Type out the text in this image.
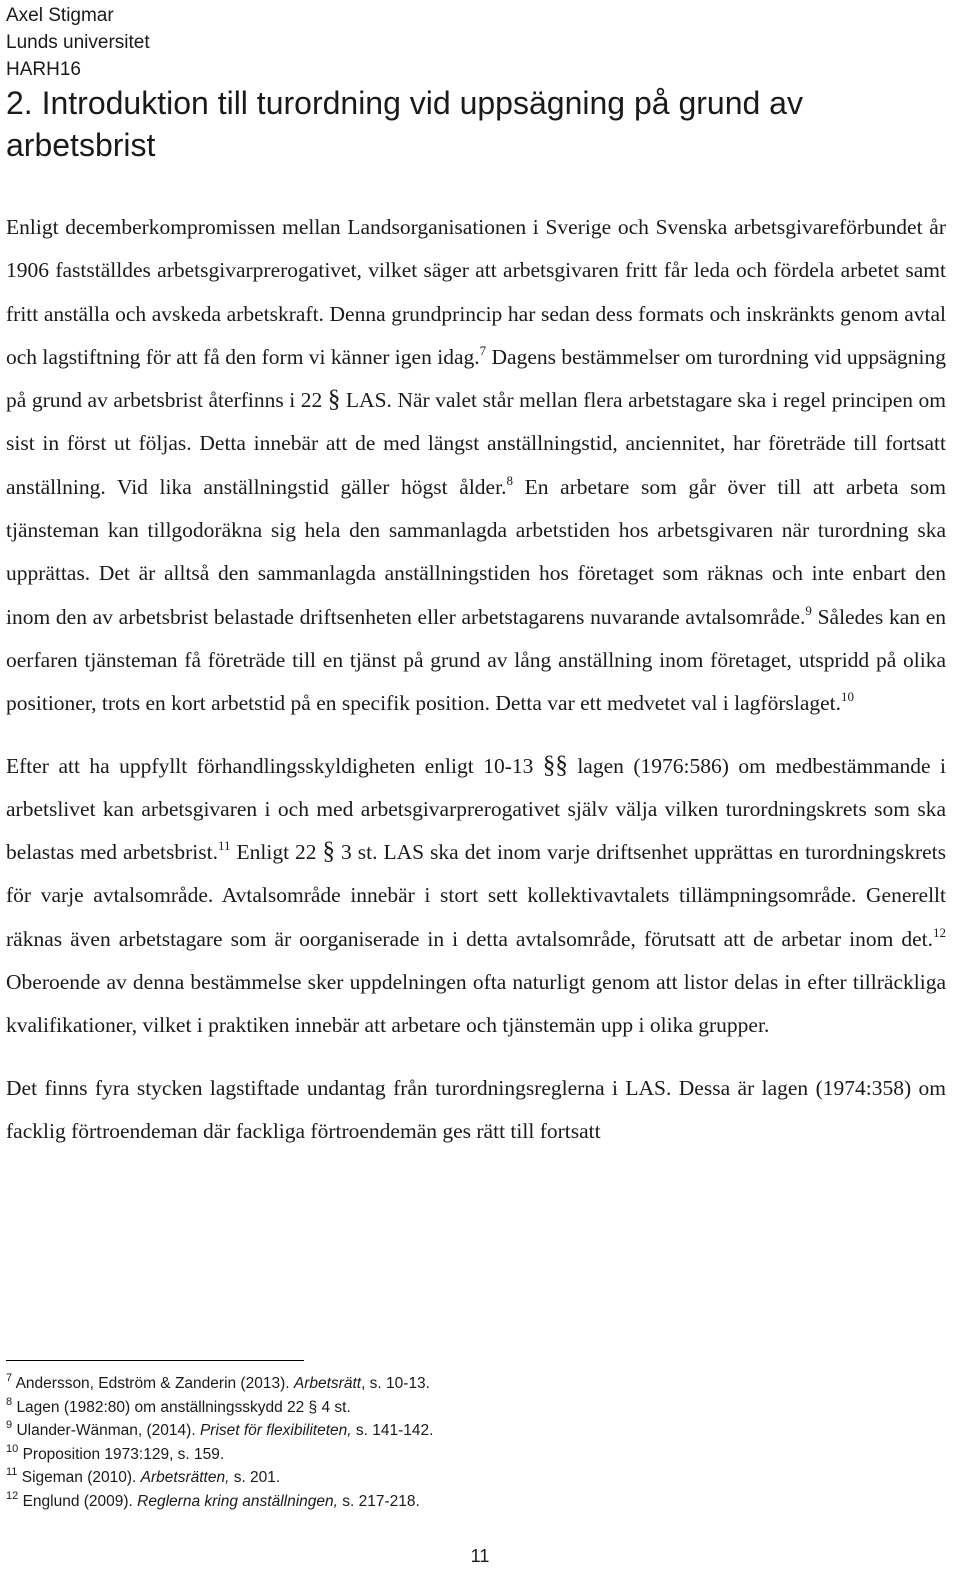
Axel Stigmar
Lunds universitet
HARH16
2. Introduktion till turordning vid uppsägning på grund av arbetsbrist

Enligt decemberkompromissen mellan Landsorganisationen i Sverige och Svenska arbetsgivareförbundet år 1906 fastställdes arbetsgivarprerogativet, vilket säger att arbetsgivaren fritt får leda och fördela arbetet samt fritt anställa och avskeda arbetskraft. Denna grundprincip har sedan dess formats och inskränkts genom avtal och lagstiftning för att få den form vi känner igen idag.$^7$ Dagens bestämmelser om turordning vid uppsägning på grund av arbetsbrist återfinns i 22 § LAS. När valet står mellan flera arbetstagare ska i regel principen om sist in först ut följas. Detta innebär att de med längst anställningstid, anciennitet, har företräde till fortsatt anställning. Vid lika anställningstid gäller högst ålder.$^8$ En arbetare som går över till att arbeta som tjänsteman kan tillgodoräkna sig hela den sammanlagda arbetstiden hos arbetsgivaren när turordning ska upprättas. Det är alltså den sammanlagda anställningstiden hos företaget som räknas och inte enbart den inom den av arbetsbrist belastade driftsenheten eller arbetstagarens nuvarande avtalsområde.$^9$ Således kan en oerfaren tjänsteman få företräde till en tjänst på grund av lång anställning inom företaget, utspridd på olika positioner, trots en kort arbetstid på en specifik position. Detta var ett medvetet val i lagförslaget.$^{10}$

Efter att ha uppfyllt förhandlingsskyldigheten enligt 10-13 §§ lagen (1976:586) om medbestämmande i arbetslivet kan arbetsgivaren i och med arbetsgivarprerogativet själv välja vilken turordningskrets som ska belastas med arbetsbrist.$^{11}$ Enligt 22 § 3 st. LAS ska det inom varje driftsenhet upprättas en turordningskrets för varje avtalsområde. Avtalsområde innebär i stort sett kollektivavtalets tillämpningsområde. Generellt räknas även arbetstagare som är oorganiserade in i detta avtalsområde, förutsatt att de arbetar inom det.$^{12}$ Oberoende av denna bestämmelse sker uppdelningen ofta naturligt genom att listor delas in efter tillräckliga kvalifikationer, vilket i praktiken innebär att arbetare och tjänstemän upp i olika grupper.

Det finns fyra stycken lagstiftade undantag från turordningsreglerna i LAS. Dessa är lagen (1974:358) om facklig förtroendeman där fackliga förtroendemän ges rätt till fortsatt

$^7$ Andersson, Edström & Zanderin (2013). Arbetsrätt, s. 10-13.
$^8$ Lagen (1982:80) om anställningsskydd 22 § 4 st.
$^9$ Ulander-Wänman, (2014). Priset för flexibiliteten, s. 141-142.
$^{10}$ Proposition 1973:129, s. 159.
$^{11}$ Sigeman (2010). Arbetsrätten, s. 201.
$^{12}$ Englund (2009). Reglerna kring anställningen, s. 217-218.
11
